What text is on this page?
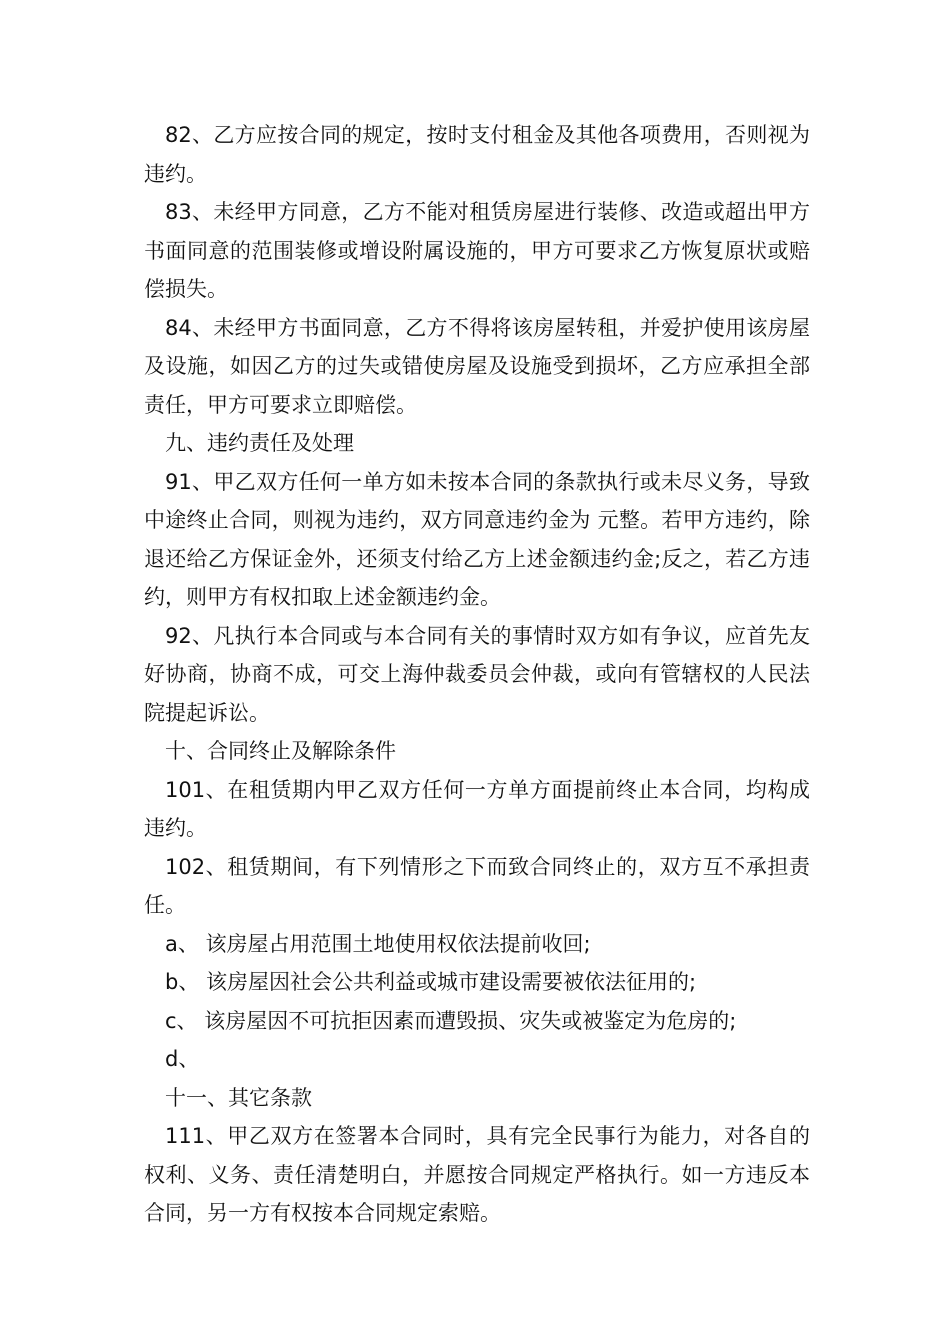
82、乙方应按合同的规定，按时支付租金及其他各项费用，否则视为违约。

83、未经甲方同意，乙方不能对租赁房屋进行装修、改造或超出甲方书面同意的范围装修或增设附属设施的，甲方可要求乙方恢复原状或赔偿损失。

84、未经甲方书面同意，乙方不得将该房屋转租，并爱护使用该房屋及设施，如因乙方的过失或错使房屋及设施受到损坏，乙方应承担全部责任，甲方可要求立即赔偿。

九、违约责任及处理

91、甲乙双方任何一单方如未按本合同的条款执行或未尽义务，导致中途终止合同，则视为违约，双方同意违约金为 元整。若甲方违约，除退还给乙方保证金外，还须支付给乙方上述金额违约金;反之，若乙方违约，则甲方有权扣取上述金额违约金。

92、凡执行本合同或与本合同有关的事情时双方如有争议，应首先友好协商，协商不成，可交上海仲裁委员会仲裁，或向有管辖权的人民法院提起诉讼。

十、合同终止及解除条件

101、在租赁期内甲乙双方任何一方单方面提前终止本合同，均构成违约。

102、租赁期间，有下列情形之下而致合同终止的，双方互不承担责任。

a、 该房屋占用范围土地使用权依法提前收回;

b、 该房屋因社会公共利益或城市建设需要被依法征用的;

c、 该房屋因不可抗拒因素而遭毁损、灾失或被鉴定为危房的;

d、

十一、其它条款

111、甲乙双方在签署本合同时，具有完全民事行为能力，对各自的权利、义务、责任清楚明白，并愿按合同规定严格执行。如一方违反本合同，另一方有权按本合同规定索赔。
